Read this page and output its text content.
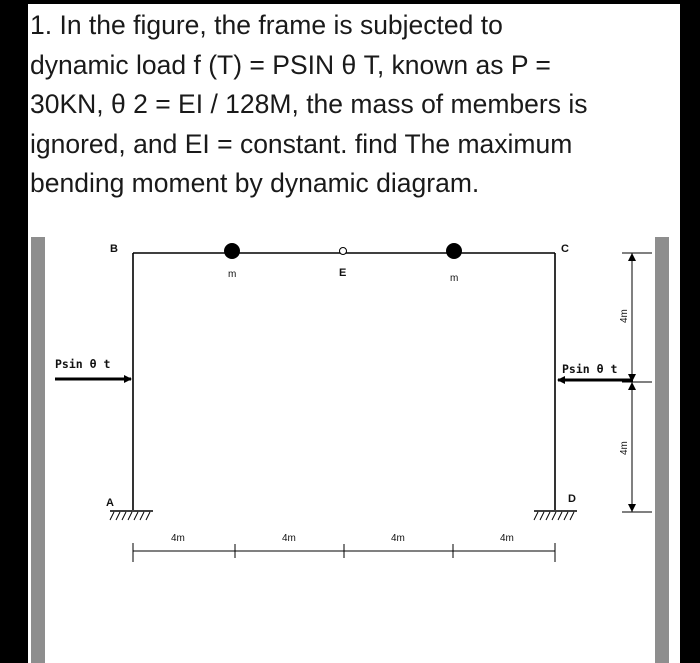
1. In the figure, the frame is subjected to
dynamic load f (T) = PSIN θ T, known as P =
30KN, θ 2 = EI / 128M, the mass of members is
ignored, and EI = constant. find The maximum
bending moment by dynamic diagram.
B	C
E
A	D
m	m
Psin θ t	Psin θ t
4m	4m	4m	4m
4m
4m
